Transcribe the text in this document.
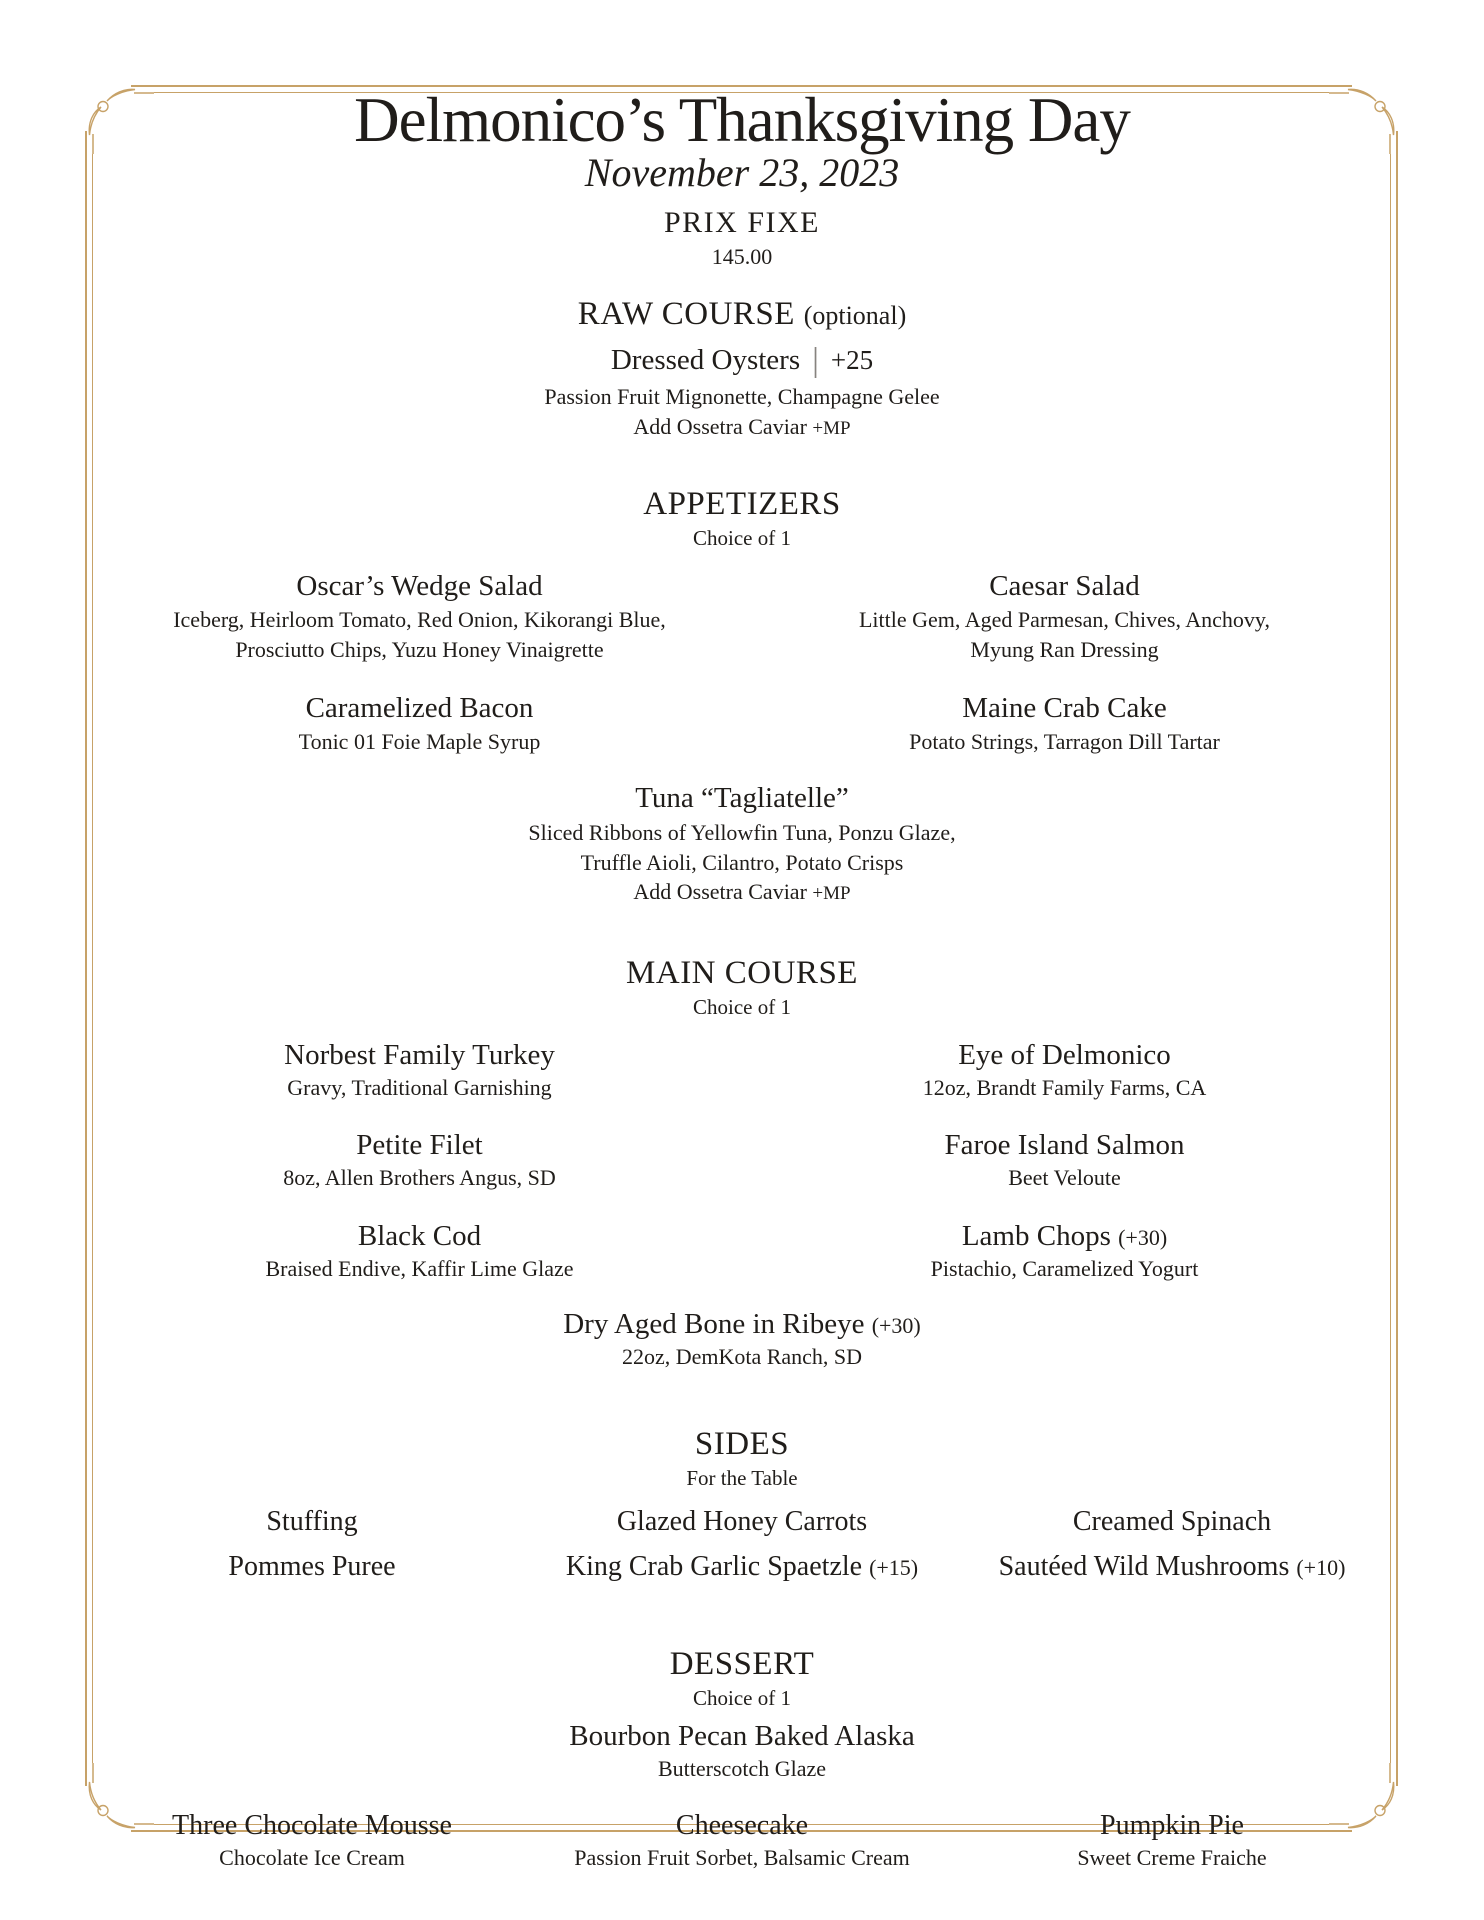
Delmonico’s Thanksgiving Day
November 23, 2023
PRIX FIXE
145.00
RAW COURSE (optional)
Dressed Oysters | +25
Passion Fruit Mignonette, Champagne Gelee
Add Ossetra Caviar +MP
APPETIZERS
Choice of 1
Oscar’s Wedge Salad
Iceberg, Heirloom Tomato, Red Onion, Kikorangi Blue,
Prosciutto Chips, Yuzu Honey Vinaigrette
Caesar Salad
Little Gem, Aged Parmesan, Chives, Anchovy,
Myung Ran Dressing
Caramelized Bacon
Tonic 01 Foie Maple Syrup
Maine Crab Cake
Potato Strings, Tarragon Dill Tartar
Tuna “Tagliatelle”
Sliced Ribbons of Yellowfin Tuna, Ponzu Glaze,
Truffle Aioli, Cilantro, Potato Crisps
Add Ossetra Caviar +MP
MAIN COURSE
Choice of 1
Norbest Family Turkey
Gravy, Traditional Garnishing
Eye of Delmonico
12oz, Brandt Family Farms, CA
Petite Filet
8oz, Allen Brothers Angus, SD
Faroe Island Salmon
Beet Veloute
Black Cod
Braised Endive, Kaffir Lime Glaze
Lamb Chops (+30)
Pistachio, Caramelized Yogurt
Dry Aged Bone in Ribeye (+30)
22oz, DemKota Ranch, SD
SIDES
For the Table
Stuffing	Glazed Honey Carrots	Creamed Spinach
Pommes Puree	King Crab Garlic Spaetzle (+15)	Sautéed Wild Mushrooms (+10)
DESSERT
Choice of 1
Bourbon Pecan Baked Alaska
Butterscotch Glaze
Three Chocolate Mousse
Chocolate Ice Cream
Cheesecake
Passion Fruit Sorbet, Balsamic Cream
Pumpkin Pie
Sweet Creme Fraiche
